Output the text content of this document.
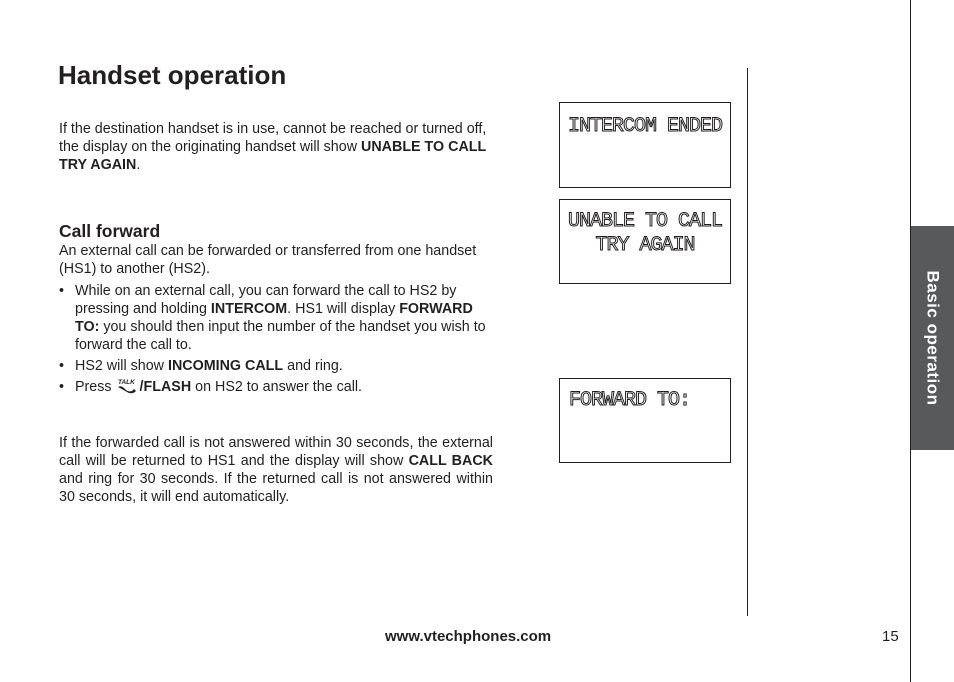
Handset operation

If the destination handset is in use, cannot be reached or turned off, the display on the originating handset will show UNABLE TO CALL TRY AGAIN.

Call forward

An external call can be forwarded or transferred from one handset (HS1) to another (HS2).

• While on an external call, you can forward the call to HS2 by pressing and holding INTERCOM. HS1 will display FORWARD TO: you should then input the number of the handset you wish to forward the call to.
• HS2 will show INCOMING CALL and ring.
• Press TALK /FLASH on HS2 to answer the call.

If the forwarded call is not answered within 30 seconds, the external call will be returned to HS1 and the display will show CALL BACK and ring for 30 seconds. If the returned call is not answered within 30 seconds, it will end automatically.

INTERCOM ENDED
UNABLE TO CALL
TRY AGAIN
FORWARD TO:	Basic operation
www.vtechphones.com	15
